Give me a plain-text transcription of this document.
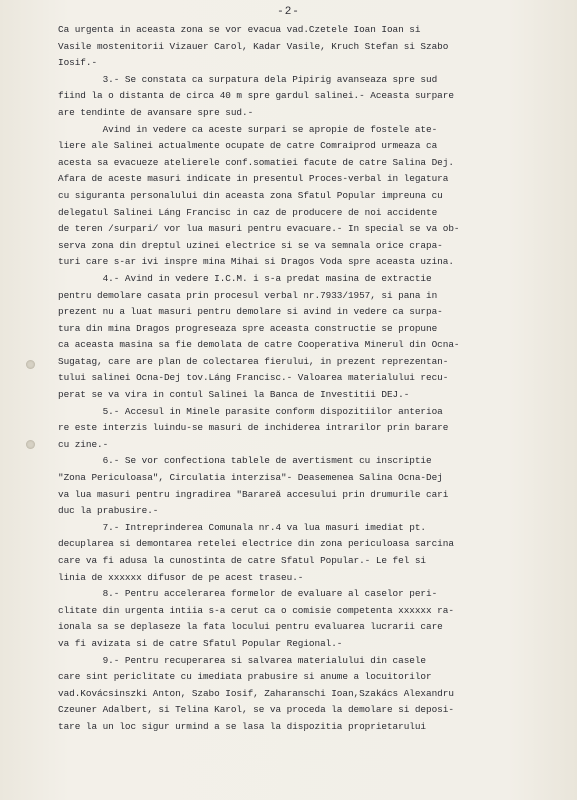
-2-
Ca urgenta in aceasta zona se vor evacua vad.Czetele Ioan Ioan si
Vasile mostenitorii Vizauer Carol, Kadar Vasile, Kruch Stefan si Szabo
Iosif.-
3.- Se constata ca surpatura dela Pipirig avanseaza spre sud
fiind la o distanta de circa 40 m spre gardul salinei.- Aceasta surpare
are tendinte de avansare spre sud.-
Avind in vedere ca aceste surpari se apropie de fostele ate-
liere ale Salinei actualmente ocupate de catre Comraiprod urmeaza ca
acesta sa evacueze atelierele conf.somatiei facute de catre Salina Dej.
Afara de aceste masuri indicate in presentul Proces-verbal in legatura
cu siguranta personalului din aceasta zona Sfatul Popular impreuna cu
delegatul Salinei Láng Francisc in caz de producere de noi accidente
de teren /surpari/ vor lua masuri pentru evacuare.- In special se va ob-
serva zona din dreptul uzinei electrice si se va semnala orice crapa-
turi care s-ar ivi inspre mina Mihai si Dragos Voda spre aceasta uzina.
4.- Avind in vedere I.C.M. i s-a predat masina de extractie
pentru demolare casata prin procesul verbal nr.7933/1957, si pana in
prezent nu a luat masuri pentru demolare si avind in vedere ca surpa-
tura din mina Dragos progreseaza spre aceasta constructie se propune
ca aceasta masina sa fie demolata de catre Cooperativa Minerul din Ocna-
Sugatag, care are plan de colectarea fierului, in prezent reprezentan-
tului salinei Ocna-Dej tov.Láng Francisc.- Valoarea materialului recu-
perat se va vira in contul Salinei la Banca de Investitii DEJ.-
5.- Accesul in Minele parasite conform dispozitiilor anterioa
re este interzis luindu-se masuri de inchiderea intrarilor prin barare
cu zine.-
6.- Se vor confectiona tablele de avertisment cu inscriptie
"Zona Periculoasa", Circulatia interzisa"- Deasemenea Salina Ocna-Dej
va lua masuri pentru ingradirea "Barareă accesului prin drumurile cari
duc la prabusire.-
7.- Intreprinderea Comunala nr.4 va lua masuri imediat pt.
decuplarea si demontarea retelei electrice din zona periculoasa sarcina
care va fi adusa la cunostinta de catre Sfatul Popular.- Le fel si
linia de xxxxxx difusor de pe acest traseu.-
8.- Pentru accelerarea formelor de evaluare al caselor peri-
clitate din urgenta intiia s-a cerut ca o comisie competenta xxxxxx ra-
ionala sa se deplaseze la fata locului pentru evaluarea lucrarii care
va fi avizata si de catre Sfatul Popular Regional.-
9.- Pentru recuperarea si salvarea materialului din casele
care sint periclitate cu imediata prabusire si anume a locuitorilor
vad.Kovácsinszki Anton, Szabo Iosif, Zaharanschi Ioan,Szakács Alexandru
Czeuner Adalbert, si Telina Karol, se va proceda la demolare si deposi-
tare la un loc sigur urmind a se lasa la dispozitia proprietarului
